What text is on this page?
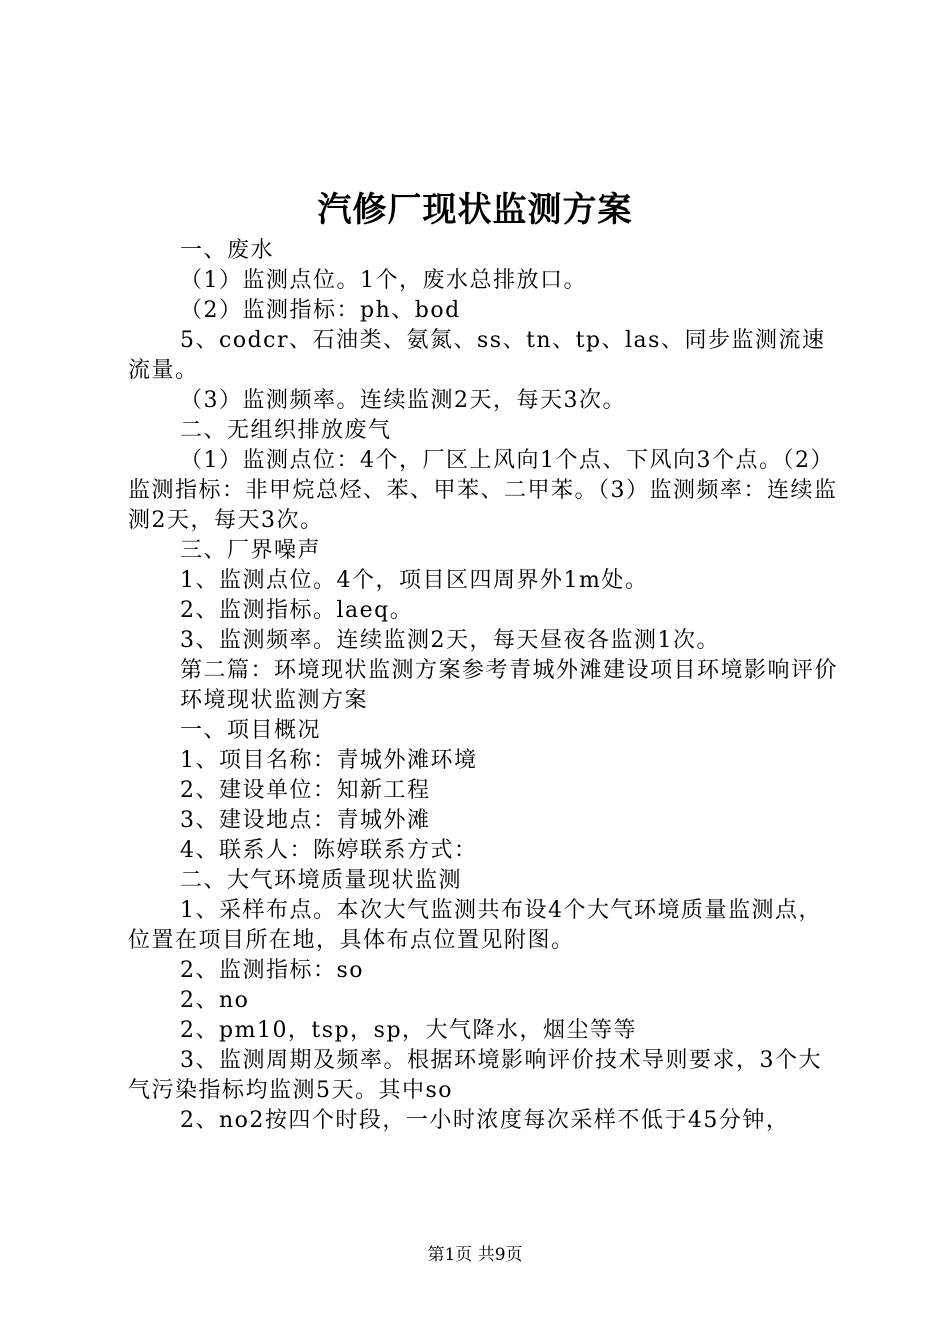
汽修厂现状监测方案

一、废水

（1）监测点位。1个，废水总排放口。

（2）监测指标：ph、bod

5、codcr、石油类、氨氮、ss、tn、tp、las、同步监测流速流量。

（3）监测频率。连续监测2天，每天3次。

二、无组织排放废气

（1）监测点位：4个，厂区上风向1个点、下风向3个点。（2）监测指标：非甲烷总烃、苯、甲苯、二甲苯。（3）监测频率：连续监测2天，每天3次。

三、厂界噪声

1、监测点位。4个，项目区四周界外1m处。

2、监测指标。laeq。

3、监测频率。连续监测2天，每天昼夜各监测1次。

第二篇：环境现状监测方案参考青城外滩建设项目环境影响评价

环境现状监测方案

一、项目概况

1、项目名称：青城外滩环境

2、建设单位：知新工程

3、建设地点：青城外滩

4、联系人：陈婷联系方式：

二、大气环境质量现状监测

1、采样布点。本次大气监测共布设4个大气环境质量监测点，位置在项目所在地，具体布点位置见附图。

2、监测指标：so

2、no

2、pm10，tsp，sp，大气降水，烟尘等等

3、监测周期及频率。根据环境影响评价技术导则要求，3个大气污染指标均监测5天。其中so

2、no2按四个时段，一小时浓度每次采样不低于45分钟，

第1页 共9页
